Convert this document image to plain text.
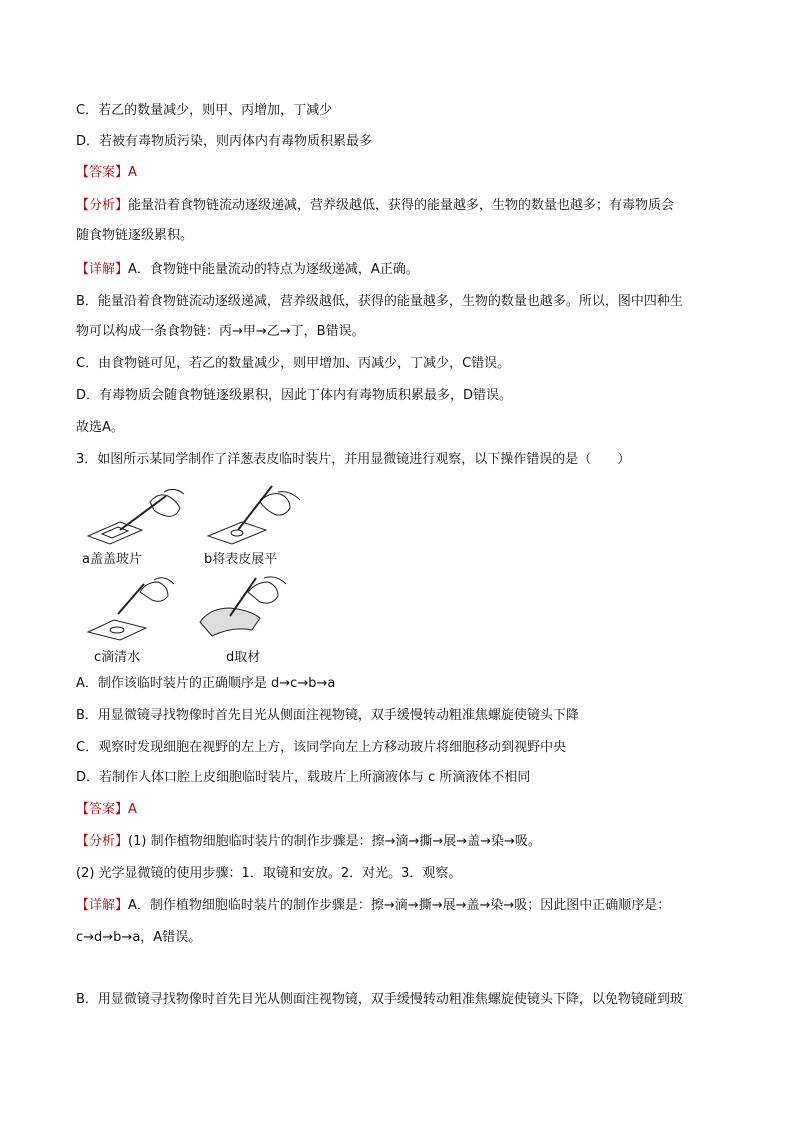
C．若乙的数量减少，则甲、丙增加，丁减少
D．若被有毒物质污染，则丙体内有毒物质积累最多
【答案】A
【分析】能量沿着食物链流动逐级递减，营养级越低，获得的能量越多，生物的数量也越多；有毒物质会
随食物链逐级累积。
【详解】A．食物链中能量流动的特点为逐级递减，A正确。
B．能量沿着食物链流动逐级递减，营养级越低，获得的能量越多，生物的数量也越多。所以，图中四种生
物可以构成一条食物链：丙→甲→乙→丁，B错误。
C．由食物链可见，若乙的数量减少，则甲增加、丙减少，丁减少，C错误。
D．有毒物质会随食物链逐级累积，因此丁体内有毒物质积累最多，D错误。
故选A。
3．如图所示某同学制作了洋葱表皮临时装片，并用显微镜进行观察，以下操作错误的是（　　）
a盖盖玻片	b将表皮展平
c滴清水	d取材
A．制作该临时装片的正确顺序是 d→c→b→a
B．用显微镜寻找物像时首先目光从侧面注视物镜，双手缓慢转动粗准焦螺旋使镜头下降
C．观察时发现细胞在视野的左上方，该同学向左上方移动玻片将细胞移动到视野中央
D．若制作人体口腔上皮细胞临时装片，载玻片上所滴液体与 c 所滴液体不相同
【答案】A
【分析】(1) 制作植物细胞临时装片的制作步骤是：擦→滴→撕→展→盖→染→吸。
(2) 光学显微镜的使用步骤：1．取镜和安放。2．对光。3．观察。
【详解】A．制作植物细胞临时装片的制作步骤是：擦→滴→撕→展→盖→染→吸；因此图中正确顺序是：
c→d→b→a，A错误。
B．用显微镜寻找物像时首先目光从侧面注视物镜，双手缓慢转动粗准焦螺旋使镜头下降，以免物镜碰到玻
